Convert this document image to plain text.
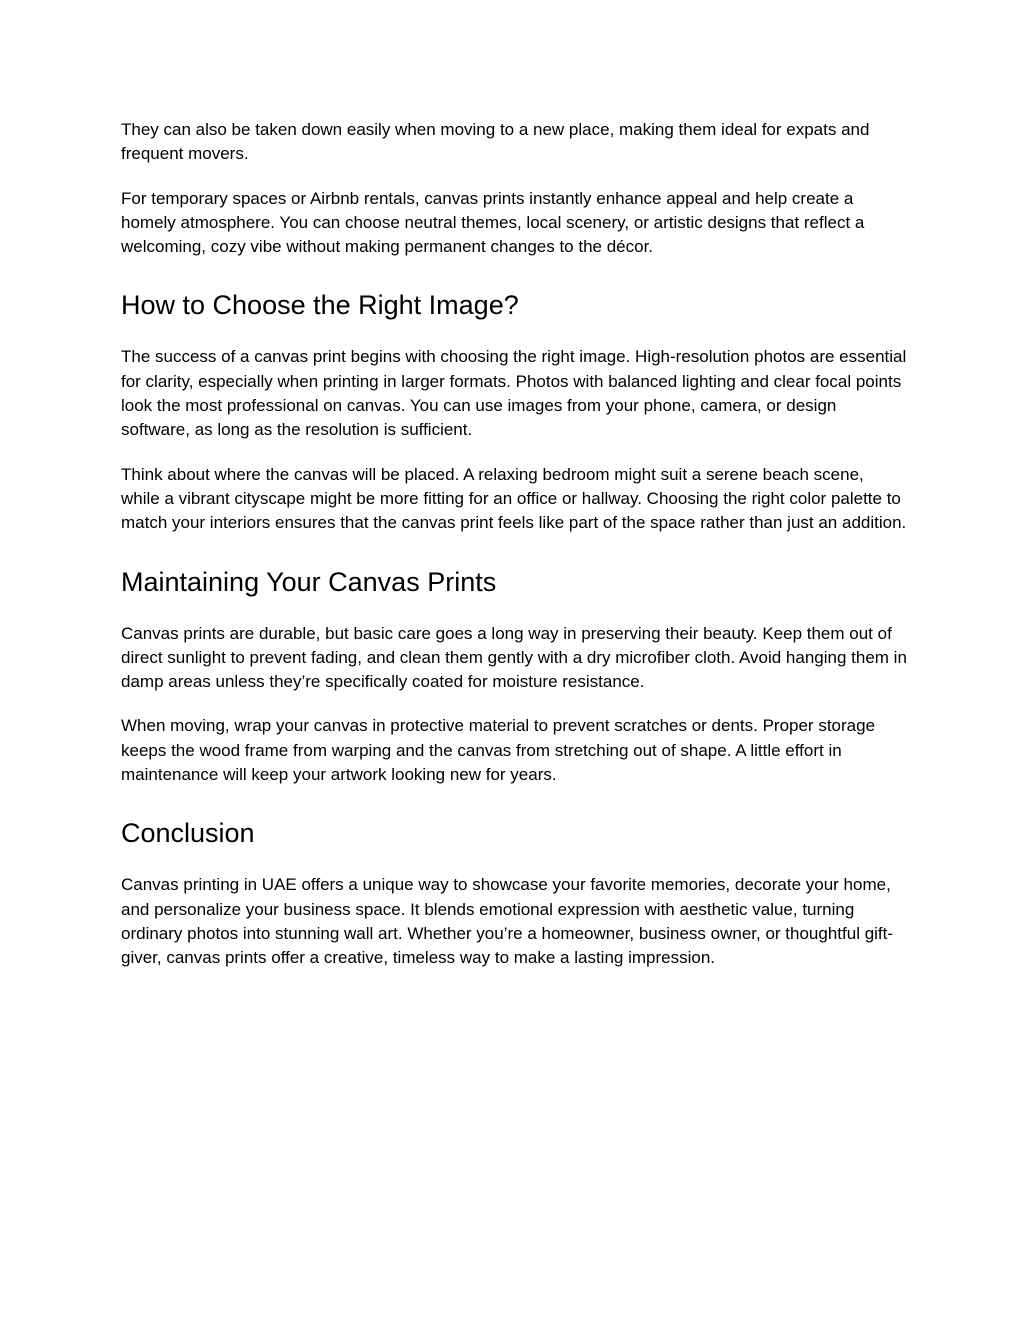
They can also be taken down easily when moving to a new place, making them ideal for expats and frequent movers.

For temporary spaces or Airbnb rentals, canvas prints instantly enhance appeal and help create a homely atmosphere. You can choose neutral themes, local scenery, or artistic designs that reflect a welcoming, cozy vibe without making permanent changes to the décor.

How to Choose the Right Image?

The success of a canvas print begins with choosing the right image. High-resolution photos are essential for clarity, especially when printing in larger formats. Photos with balanced lighting and clear focal points look the most professional on canvas. You can use images from your phone, camera, or design software, as long as the resolution is sufficient.

Think about where the canvas will be placed. A relaxing bedroom might suit a serene beach scene, while a vibrant cityscape might be more fitting for an office or hallway. Choosing the right color palette to match your interiors ensures that the canvas print feels like part of the space rather than just an addition.

Maintaining Your Canvas Prints

Canvas prints are durable, but basic care goes a long way in preserving their beauty. Keep them out of direct sunlight to prevent fading, and clean them gently with a dry microfiber cloth. Avoid hanging them in damp areas unless they’re specifically coated for moisture resistance.

When moving, wrap your canvas in protective material to prevent scratches or dents. Proper storage keeps the wood frame from warping and the canvas from stretching out of shape. A little effort in maintenance will keep your artwork looking new for years.

Conclusion

Canvas printing in UAE offers a unique way to showcase your favorite memories, decorate your home, and personalize your business space. It blends emotional expression with aesthetic value, turning ordinary photos into stunning wall art. Whether you’re a homeowner, business owner, or thoughtful gift-giver, canvas prints offer a creative, timeless way to make a lasting impression.
